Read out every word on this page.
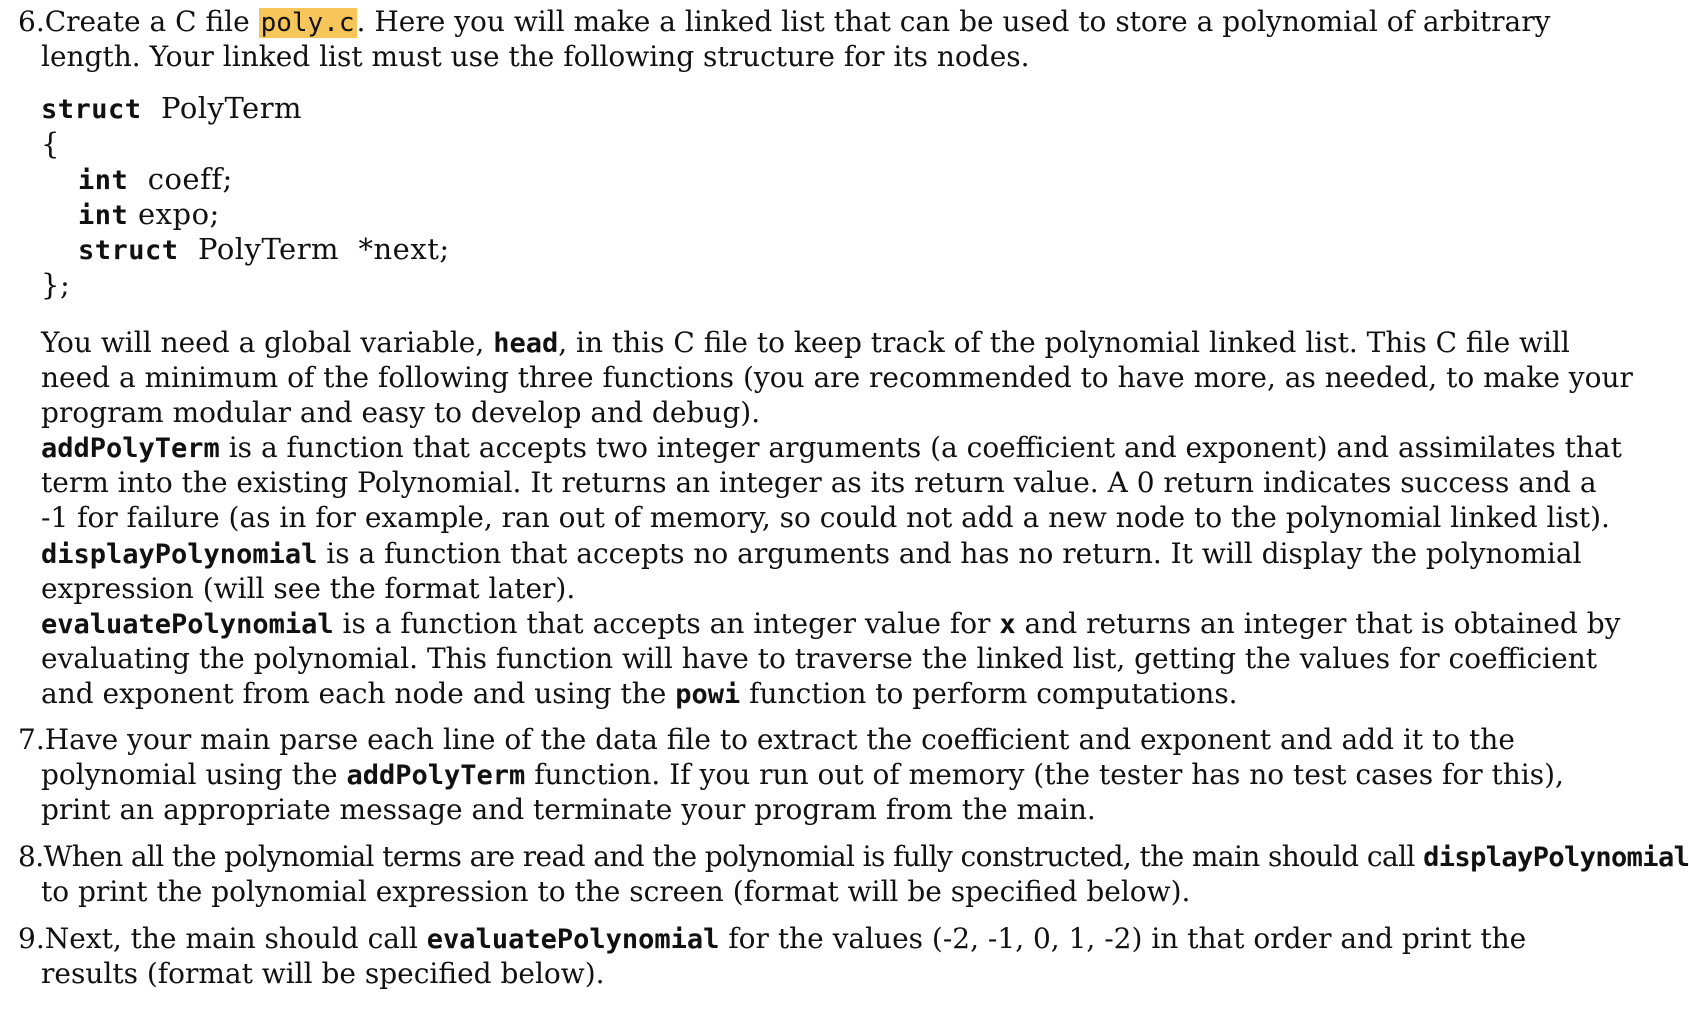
6.Create a C file poly.c. Here you will make a linked list that can be used to store a polynomial of arbitrary
length. Your linked list must use the following structure for its nodes.
struct PolyTerm
{
int coeff;
int expo;
struct PolyTerm *next;
};
You will need a global variable, head, in this C file to keep track of the polynomial linked list. This C file will
need a minimum of the following three functions (you are recommended to have more, as needed, to make your
program modular and easy to develop and debug).
addPolyTerm is a function that accepts two integer arguments (a coefficient and exponent) and assimilates that
term into the existing Polynomial. It returns an integer as its return value. A 0 return indicates success and a
-1 for failure (as in for example, ran out of memory, so could not add a new node to the polynomial linked list).
displayPolynomial is a function that accepts no arguments and has no return. It will display the polynomial
expression (will see the format later).
evaluatePolynomial is a function that accepts an integer value for x and returns an integer that is obtained by
evaluating the polynomial. This function will have to traverse the linked list, getting the values for coefficient
and exponent from each node and using the powi function to perform computations.
7.Have your main parse each line of the data file to extract the coefficient and exponent and add it to the
polynomial using the addPolyTerm function. If you run out of memory (the tester has no test cases for this),
print an appropriate message and terminate your program from the main.
8.When all the polynomial terms are read and the polynomial is fully constructed, the main should call displayPolynomial
to print the polynomial expression to the screen (format will be specified below).
9.Next, the main should call evaluatePolynomial for the values (-2, -1, 0, 1, -2) in that order and print the
results (format will be specified below).
